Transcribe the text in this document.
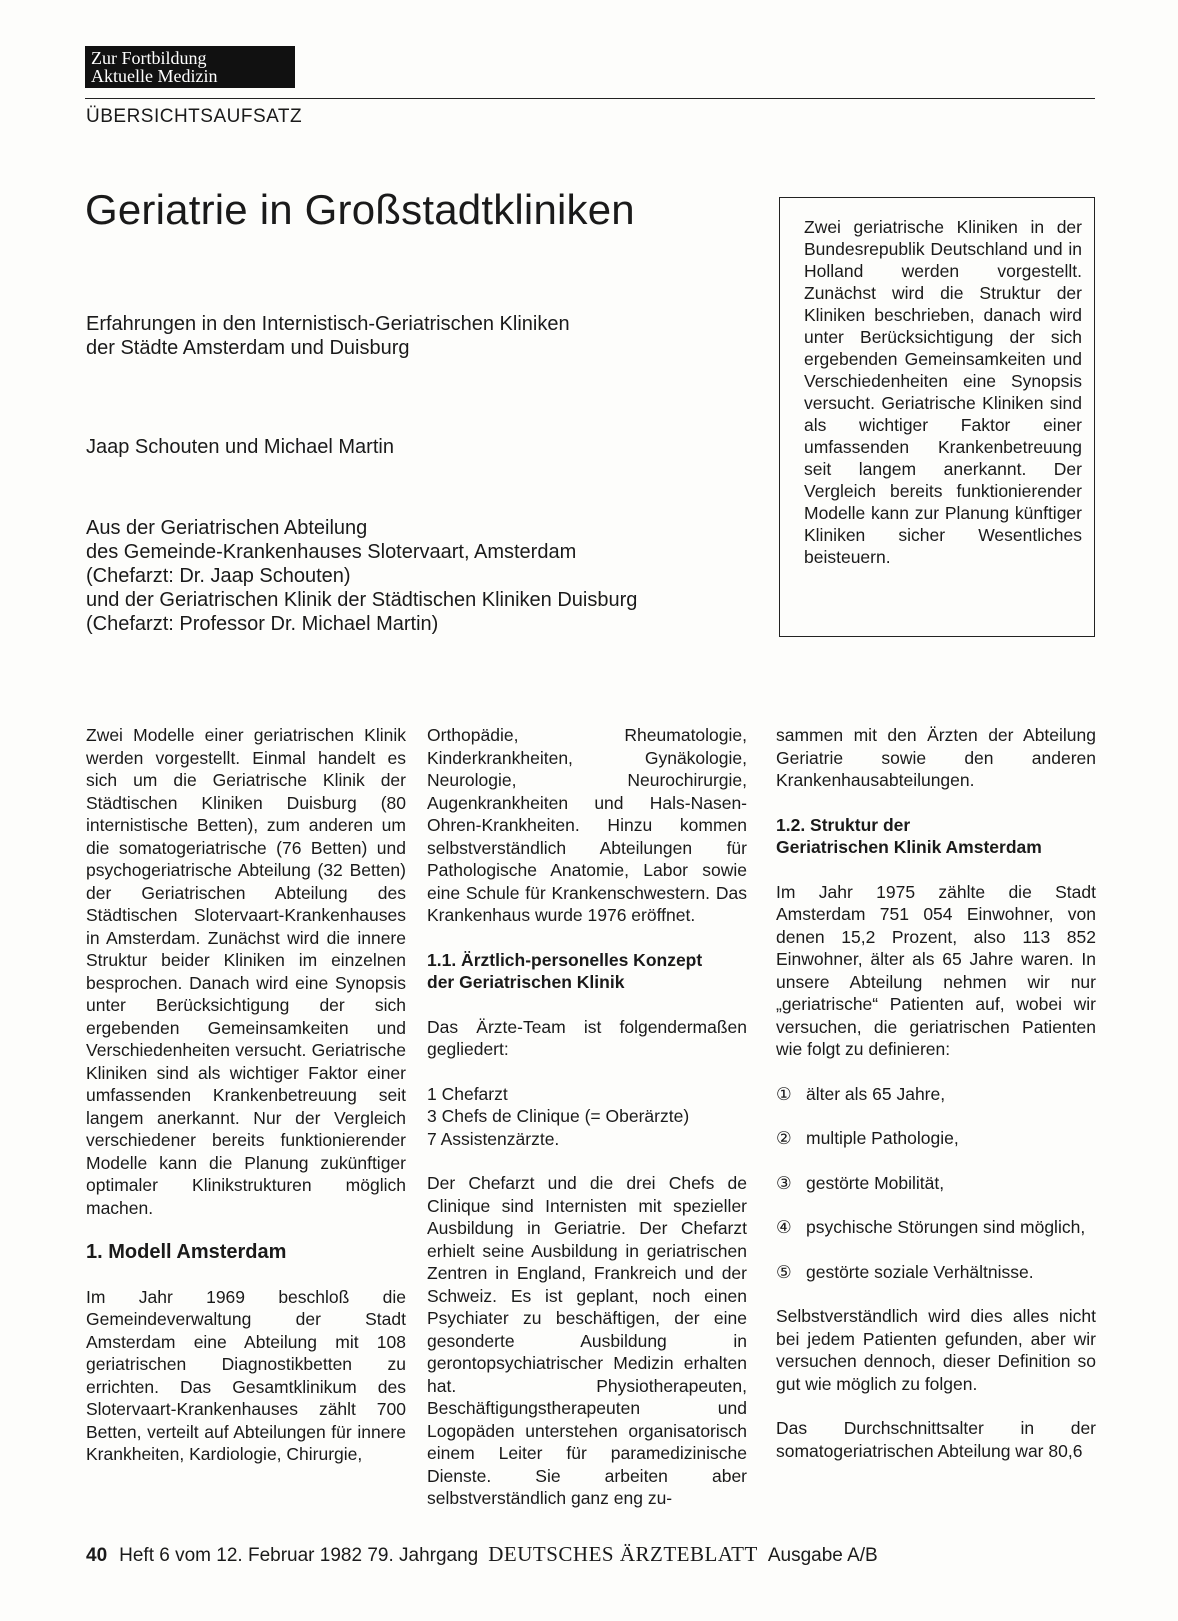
Zur Fortbildung
Aktuelle Medizin
ÜBERSICHTSAUFSATZ
Geriatrie in Großstadtkliniken
Erfahrungen in den Internistisch-Geriatrischen Kliniken
der Städte Amsterdam und Duisburg
Jaap Schouten und Michael Martin
Aus der Geriatrischen Abteilung
des Gemeinde-Krankenhauses Slotervaart, Amsterdam
(Chefarzt: Dr. Jaap Schouten)
und der Geriatrischen Klinik der Städtischen Kliniken Duisburg
(Chefarzt: Professor Dr. Michael Martin)
Zwei geriatrische Kliniken in der Bundesrepublik Deutschland und in Holland werden vorgestellt. Zunächst wird die Struktur der Kliniken beschrieben, danach wird unter Berücksichtigung der sich ergebenden Gemeinsamkeiten und Verschiedenheiten eine Synopsis versucht. Geriatrische Kliniken sind als wichtiger Faktor einer umfassenden Krankenbetreuung seit langem anerkannt. Der Vergleich bereits funktionierender Modelle kann zur Planung künftiger Kliniken sicher Wesentliches beisteuern.

Zwei Modelle einer geriatrischen Klinik werden vorgestellt. Einmal handelt es sich um die Geriatrische Klinik der Städtischen Kliniken Duisburg (80 internistische Betten), zum anderen um die somatogeriatrische (76 Betten) und psychogeriatrische Abteilung (32 Betten) der Geriatrischen Abteilung des Städtischen Slotervaart-Krankenhauses in Amsterdam. Zunächst wird die innere Struktur beider Kliniken im einzelnen besprochen. Danach wird eine Synopsis unter Berücksichtigung der sich ergebenden Gemeinsamkeiten und Verschiedenheiten versucht. Geriatrische Kliniken sind als wichtiger Faktor einer umfassenden Krankenbetreuung seit langem anerkannt. Nur der Vergleich verschiedener bereits funktionierender Modelle kann die Planung zukünftiger optimaler Klinikstrukturen möglich machen.

1. Modell Amsterdam

Im Jahr 1969 beschloß die Gemeindeverwaltung der Stadt Amsterdam eine Abteilung mit 108 geriatrischen Diagnostikbetten zu errichten. Das Gesamtklinikum des Slotervaart-Krankenhauses zählt 700 Betten, verteilt auf Abteilungen für innere Krankheiten, Kardiologie, Chirurgie,

Orthopädie, Rheumatologie, Kinderkrankheiten, Gynäkologie, Neurologie, Neurochirurgie, Augenkrankheiten und Hals-Nasen-Ohren-Krankheiten. Hinzu kommen selbstverständlich Abteilungen für Pathologische Anatomie, Labor sowie eine Schule für Krankenschwestern. Das Krankenhaus wurde 1976 eröffnet.

1.1. Ärztlich-personelles Konzept
der Geriatrischen Klinik

Das Ärzte-Team ist folgendermaßen gegliedert:

1 Chefarzt
3 Chefs de Clinique (= Oberärzte)
7 Assistenzärzte.

Der Chefarzt und die drei Chefs de Clinique sind Internisten mit spezieller Ausbildung in Geriatrie. Der Chefarzt erhielt seine Ausbildung in geriatrischen Zentren in England, Frankreich und der Schweiz. Es ist geplant, noch einen Psychiater zu beschäftigen, der eine gesonderte Ausbildung in gerontopsychiatrischer Medizin erhalten hat. Physiotherapeuten, Beschäftigungstherapeuten und Logopäden unterstehen organisatorisch einem Leiter für paramedizinische Dienste. Sie arbeiten aber selbstverständlich ganz eng zu-

sammen mit den Ärzten der Abteilung Geriatrie sowie den anderen Krankenhausabteilungen.

1.2. Struktur der
Geriatrischen Klinik Amsterdam

Im Jahr 1975 zählte die Stadt Amsterdam 751 054 Einwohner, von denen 15,2 Prozent, also 113 852 Einwohner, älter als 65 Jahre waren. In unsere Abteilung nehmen wir nur „geriatrische“ Patienten auf, wobei wir versuchen, die geriatrischen Patienten wie folgt zu definieren:

① älter als 65 Jahre,
② multiple Pathologie,
③ gestörte Mobilität,
④ psychische Störungen sind möglich,
⑤ gestörte soziale Verhältnisse.

Selbstverständlich wird dies alles nicht bei jedem Patienten gefunden, aber wir versuchen dennoch, dieser Definition so gut wie möglich zu folgen.

Das Durchschnittsalter in der somatogeriatrischen Abteilung war 80,6

40 Heft 6 vom 12. Februar 1982 79. Jahrgang DEUTSCHES ÄRZTEBLATT Ausgabe A/B
